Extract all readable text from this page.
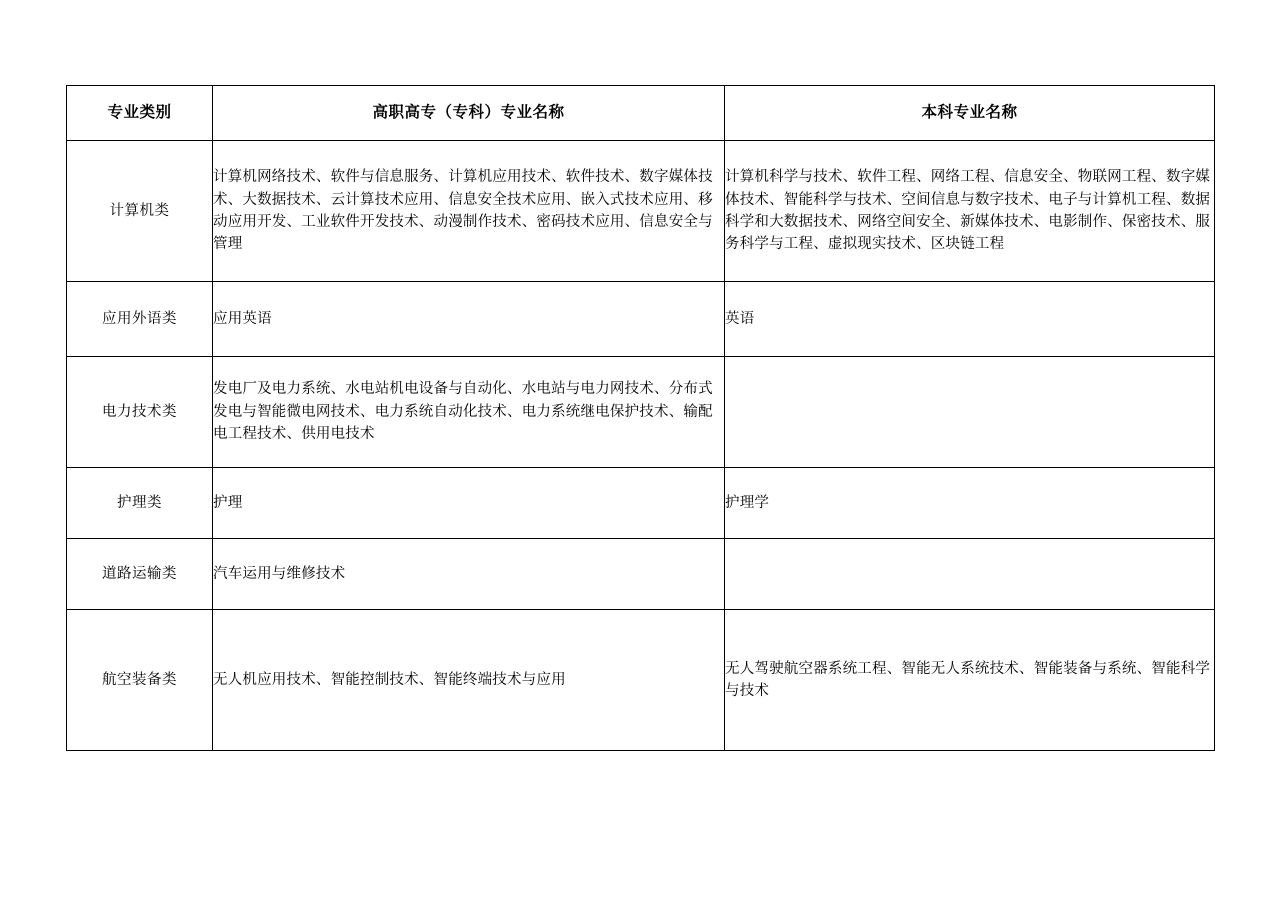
专业类别	高职高专（专科）专业名称	本科专业名称
计算机类	计算机网络技术、软件与信息服务、计算机应用技术、软件技术、数字媒体技术、大数据技术、云计算技术应用、信息安全技术应用、嵌入式技术应用、移动应用开发、工业软件开发技术、动漫制作技术、密码技术应用、信息安全与管理	计算机科学与技术、软件工程、网络工程、信息安全、物联网工程、数字媒体技术、智能科学与技术、空间信息与数字技术、电子与计算机工程、数据科学和大数据技术、网络空间安全、新媒体技术、电影制作、保密技术、服务科学与工程、虚拟现实技术、区块链工程
应用外语类	应用英语	英语
电力技术类	发电厂及电力系统、水电站机电设备与自动化、水电站与电力网技术、分布式发电与智能微电网技术、电力系统自动化技术、电力系统继电保护技术、输配电工程技术、供用电技术	
护理类	护理	护理学
道路运输类	汽车运用与维修技术	
航空装备类	无人机应用技术、智能控制技术、智能终端技术与应用	无人驾驶航空器系统工程、智能无人系统技术、智能装备与系统、智能科学与技术
